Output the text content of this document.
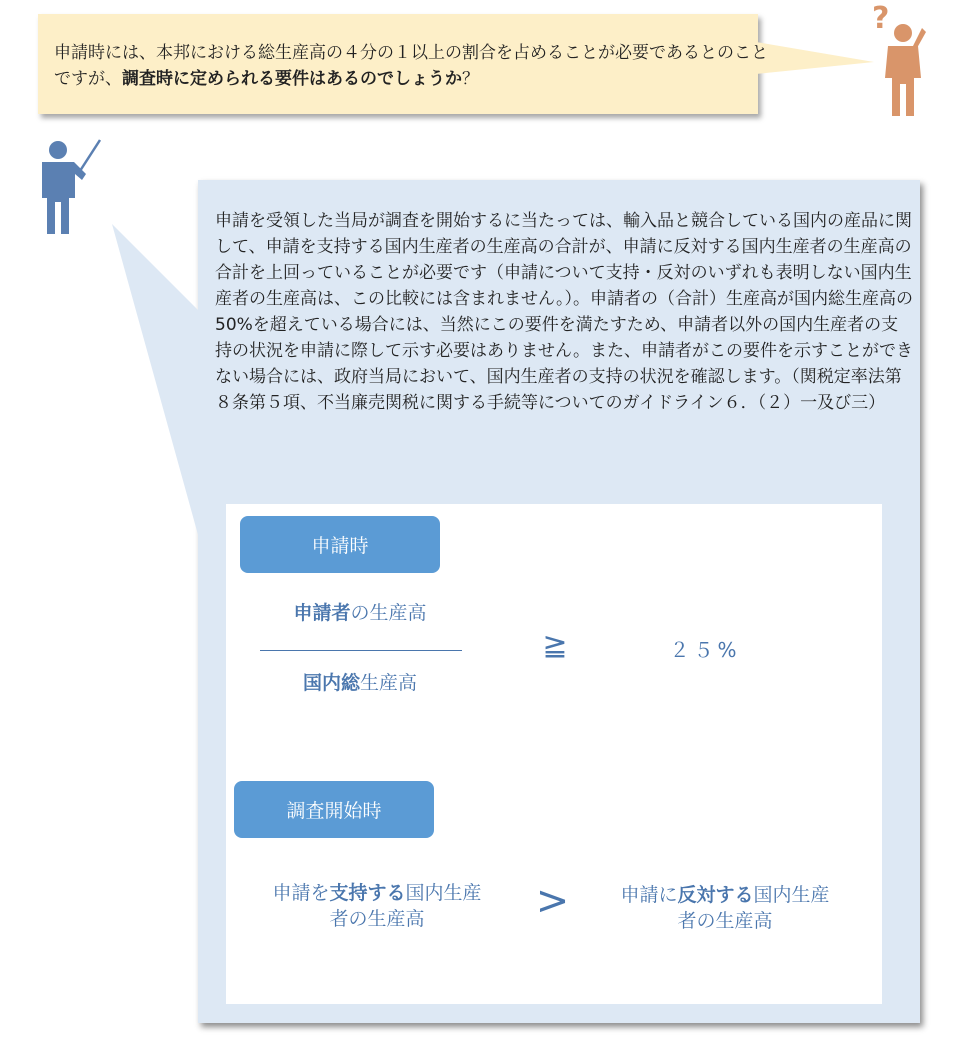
申請時には、本邦における総生産高の４分の１以上の割合を占めることが必要であるとのことですが、調査時に定められる要件はあるのでしょうか？
?

申請を受領した当局が調査を開始するに当たっては、輸入品と競合している国内の産品に関して、申請を支持する国内生産者の生産高の合計が、申請に反対する国内生産者の生産高の合計を上回っていることが必要です（申請について支持・反対のいずれも表明しない国内生産者の生産高は、この比較には含まれません。）。申請者の（合計）生産高が国内総生産高の 50%を超えている場合には、当然にこの要件を満たすため、申請者以外の国内生産者の支持の状況を申請に際して示す必要はありません。また、申請者がこの要件を示すことができない場合には、政府当局において、国内生産者の支持の状況を確認します。（関税定率法第８条第５項、不当廉売関税に関する手続等についてのガイドライン６．（２）一及び三）

申請時
申請者の生産高
国内総生産高
≧	２５%
調査開始時
申請を支持する国内生産者の生産高	>	申請に反対する国内生産者の生産高
